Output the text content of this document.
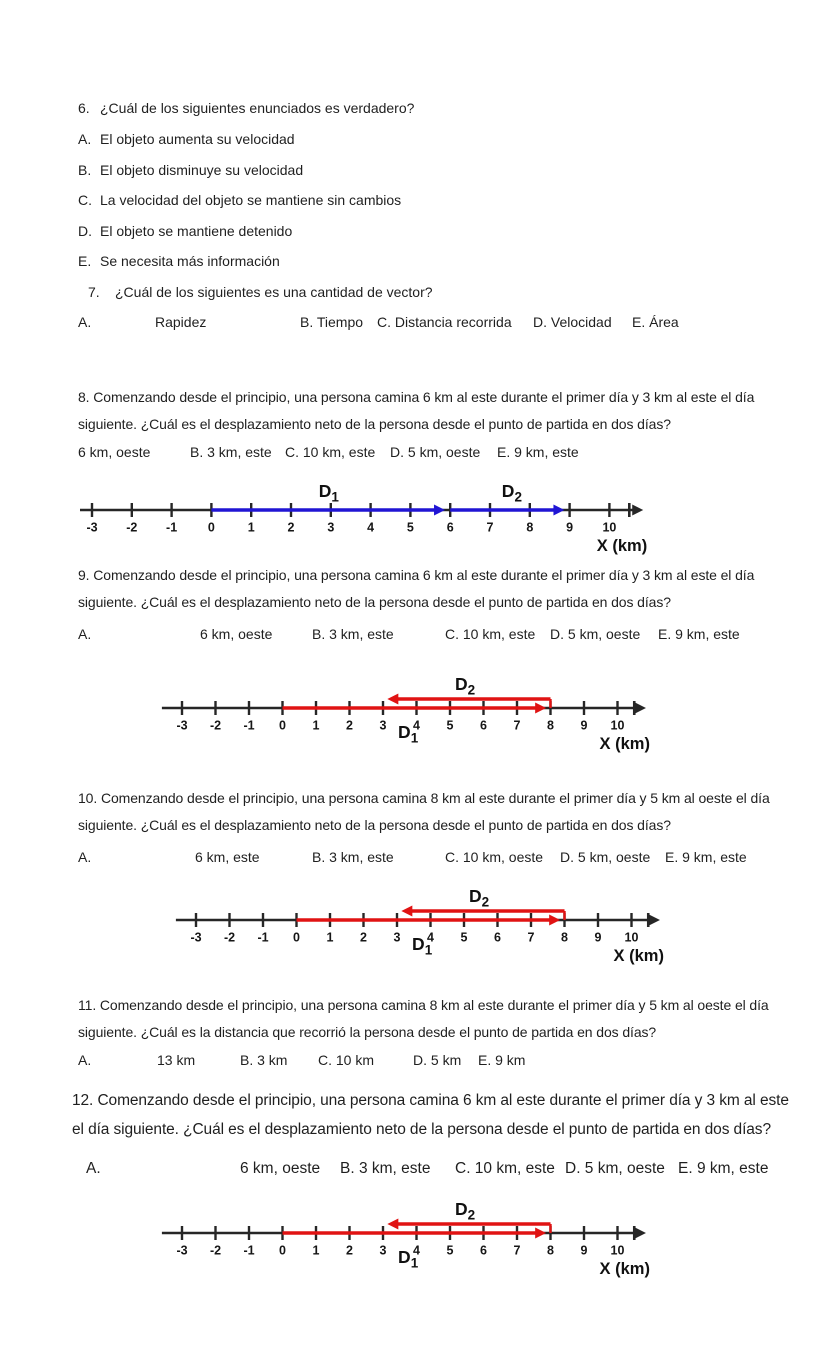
6. ¿Cuál de los siguientes enunciados es verdadero?
A. El objeto aumenta su velocidad
B. El objeto disminuye su velocidad
C. La velocidad del objeto se mantiene sin cambios
D. El objeto se mantiene detenido
E. Se necesita más información
7. ¿Cuál de los siguientes es una cantidad de vector?
A.	Rapidez	B. Tiempo C. Distancia recorrida D. Velocidad E. Área
8. Comenzando desde el principio, una persona camina 6 km al este durante el primer día y 3 km al este el día
siguiente. ¿Cuál es el desplazamiento neto de la persona desde el punto de partida en dos días?
6 km, oeste	B. 3 km, este C. 10 km, este D. 5 km, oeste E. 9 km, este
-3 -2 -1 0	1	2	3	4	5	6	7	8	9 10
$D_1$	$D_2$
X (km)
9. Comenzando desde el principio, una persona camina 6 km al este durante el primer día y 3 km al este el día
siguiente. ¿Cuál es el desplazamiento neto de la persona desde el punto de partida en dos días?
A.	6 km, oeste	B. 3 km, este	C. 10 km, este D. 5 km, oeste E. 9 km, este
-3 -2 -1 0 1 2 3 4 5 6 7 8 9 10
$D_1$
$D_2$
X (km)
10. Comenzando desde el principio, una persona camina 8 km al este durante el primer día y 5 km al oeste el día
siguiente. ¿Cuál es el desplazamiento neto de la persona desde el punto de partida en dos días?
A.	6 km, este	B. 3 km, este	C. 10 km, oeste D. 5 km, oeste E. 9 km, este
-3 -2 -1 0 1 2 3 4 5 6 7 8 9 10
$D_1$
$D_2$
X (km)
11. Comenzando desde el principio, una persona camina 8 km al este durante el primer día y 5 km al oeste el día
siguiente. ¿Cuál es la distancia que recorrió la persona desde el punto de partida en dos días?
A.	13 km	B. 3 km C. 10 km	D. 5 km E. 9 km
12. Comenzando desde el principio, una persona camina 6 km al este durante el primer día y 3 km al este
el día siguiente. ¿Cuál es el desplazamiento neto de la persona desde el punto de partida en dos días?
A.	6 km, oeste B. 3 km, este C. 10 km, este D. 5 km, oeste E. 9 km, este
-3 -2 -1 0 1 2 3 4 5 6 7 8 9 10
$D_1$
$D_2$
X (km)
